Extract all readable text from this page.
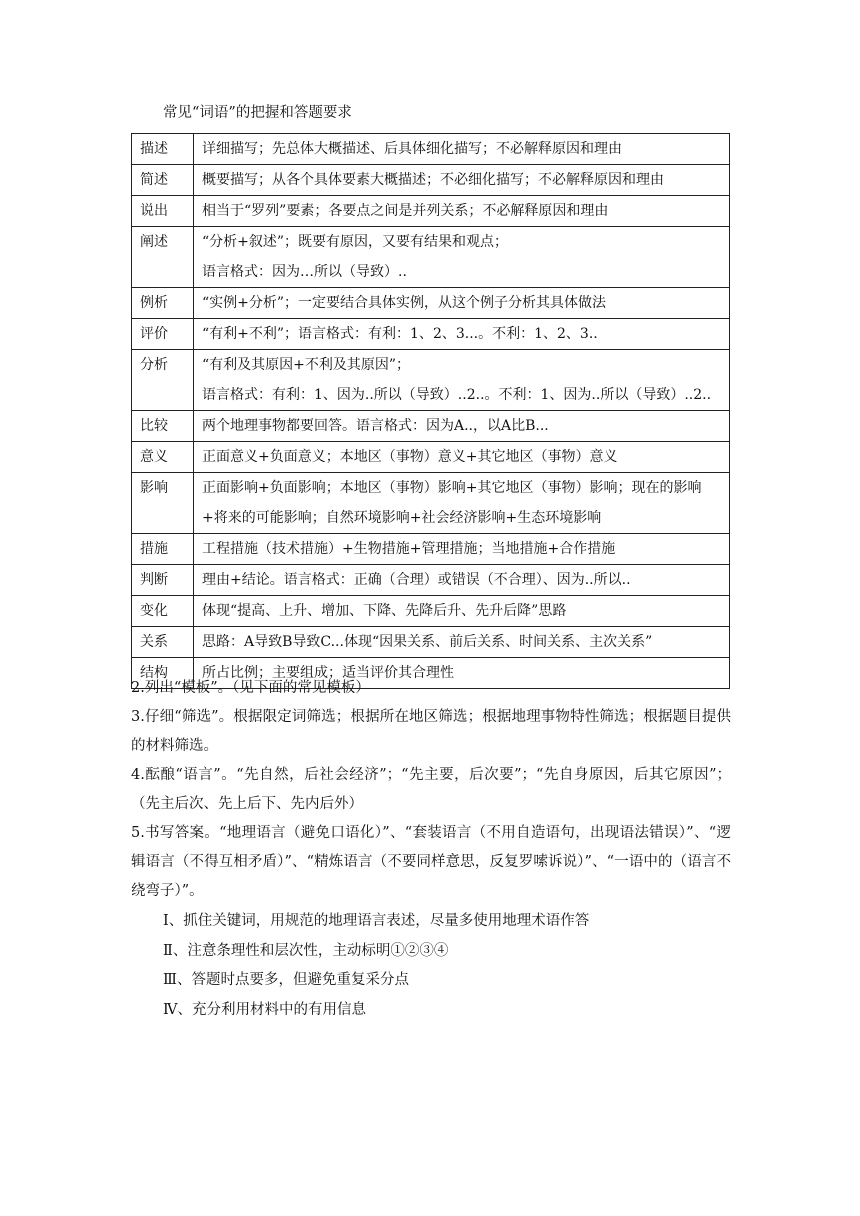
常见“词语”的把握和答题要求
描述	详细描写；先总体大概描述、后具体细化描写；不必解释原因和理由

简述	概要描写；从各个具体要素大概描述；不必细化描写；不必解释原因和理由

说出	相当于“罗列”要素；各要点之间是并列关系；不必解释原因和理由

阐述	“分析+叙述”；既要有原因，又要有结果和观点；
语言格式：因为…所以（导致）..

例析	“实例+分析”；一定要结合具体实例，从这个例子分析其具体做法

评价	“有利+不利”；语言格式：有利：1、2、3...。不利：1、2、3..

分析	“有利及其原因+不利及其原因”；
语言格式：有利：1、因为..所以（导致）..2..。不利：1、因为..所以（导致）..2..

比较	两个地理事物都要回答。语言格式：因为A..，以A比B...

意义	正面意义+负面意义；本地区（事物）意义+其它地区（事物）意义

影响	正面影响+负面影响；本地区（事物）影响+其它地区（事物）影响；现在的影响+将来的可能影响；自然环境影响+社会经济影响+生态环境影响

措施	工程措施（技术措施）+生物措施+管理措施；当地措施+合作措施

判断	理由+结论。语言格式：正确（合理）或错误（不合理）、因为..所以..

变化	体现“提高、上升、增加、下降、先降后升、先升后降”思路

关系	思路：A导致B导致C...体现“因果关系、前后关系、时间关系、主次关系”

结构	所占比例；主要组成；适当评价其合理性

2.列出“模板”。（见下面的常见模板）

3.仔细“筛选”。根据限定词筛选；根据所在地区筛选；根据地理事物特性筛选；根据题目提供的材料筛选。

4.酝酿“语言”。“先自然，后社会经济”；“先主要，后次要”；“先自身原因，后其它原因”；（先主后次、先上后下、先内后外）

5.书写答案。“地理语言（避免口语化）”、“套装语言（不用自造语句，出现语法错误）”、“逻辑语言（不得互相矛盾）”、“精炼语言（不要同样意思，反复罗嗦诉说）”、“一语中的（语言不绕弯子）”。

Ⅰ、抓住关键词，用规范的地理语言表述，尽量多使用地理术语作答
Ⅱ、注意条理性和层次性，主动标明①②③④
Ⅲ、答题时点要多，但避免重复采分点
Ⅳ、充分利用材料中的有用信息
